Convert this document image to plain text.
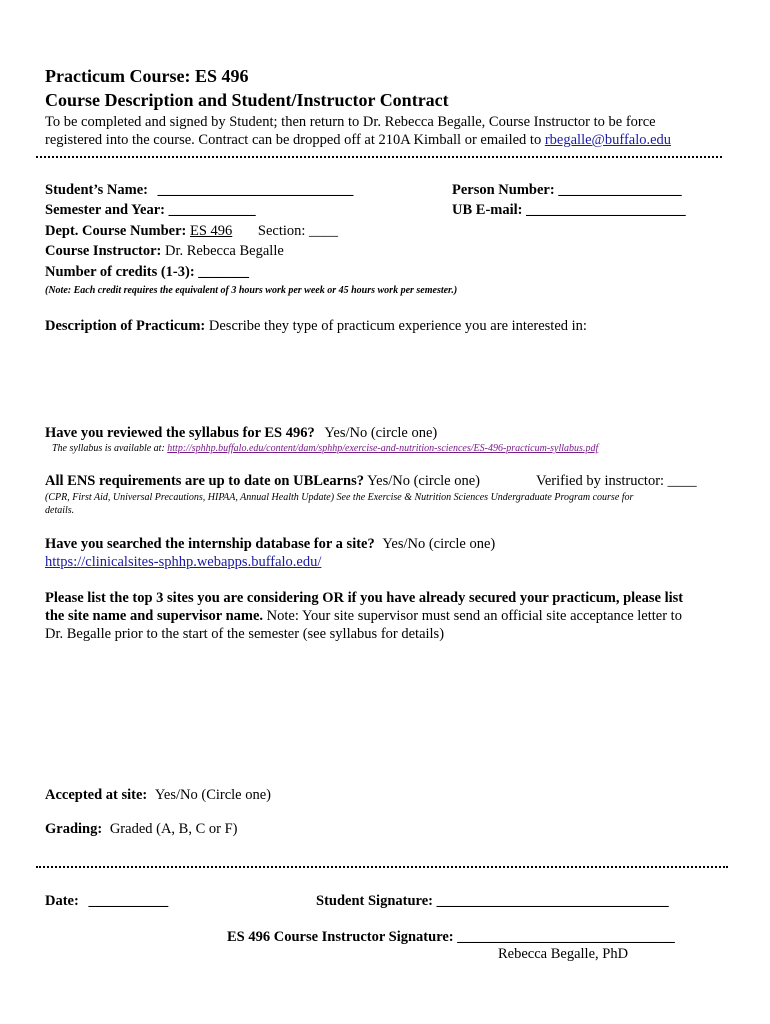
Practicum Course: ES 496
Course Description and Student/Instructor Contract
To be completed and signed by Student; then return to Dr. Rebecca Begalle, Course Instructor to be force
registered into the course. Contract can be dropped off at 210A Kimball or emailed to rbegalle@buffalo.edu
Student’s Name: ___________________________	Person Number: _________________
Semester and Year: ____________	UB E-mail: ______________________
Dept. Course Number: ES 496 Section: ____
Course Instructor: Dr. Rebecca Begalle
Number of credits (1-3): _______
(Note: Each credit requires the equivalent of 3 hours work per week or 45 hours work per semester.)
Description of Practicum: Describe they type of practicum experience you are interested in:
Have you reviewed the syllabus for ES 496? Yes/No (circle one)
The syllabus is available at: http://sphhp.buffalo.edu/content/dam/sphhp/exercise-and-nutrition-sciences/ES-496-practicum-syllabus.pdf
All ENS requirements are up to date on UBLearns? Yes/No (circle one)	Verified by instructor: ____
(CPR, First Aid, Universal Precautions, HIPAA, Annual Health Update) See the Exercise & Nutrition Sciences Undergraduate Program course for
details.
Have you searched the internship database for a site? Yes/No (circle one)
https://clinicalsites-sphhp.webapps.buffalo.edu/
Please list the top 3 sites you are considering OR if you have already secured your practicum, please list
the site name and supervisor name. Note: Your site supervisor must send an official site acceptance letter to
Dr. Begalle prior to the start of the semester (see syllabus for details)
Accepted at site: Yes/No (Circle one)
Grading: Graded (A, B, C or F)
Date: ___________	Student Signature: ________________________________
ES 496 Course Instructor Signature: ______________________________
Rebecca Begalle, PhD
